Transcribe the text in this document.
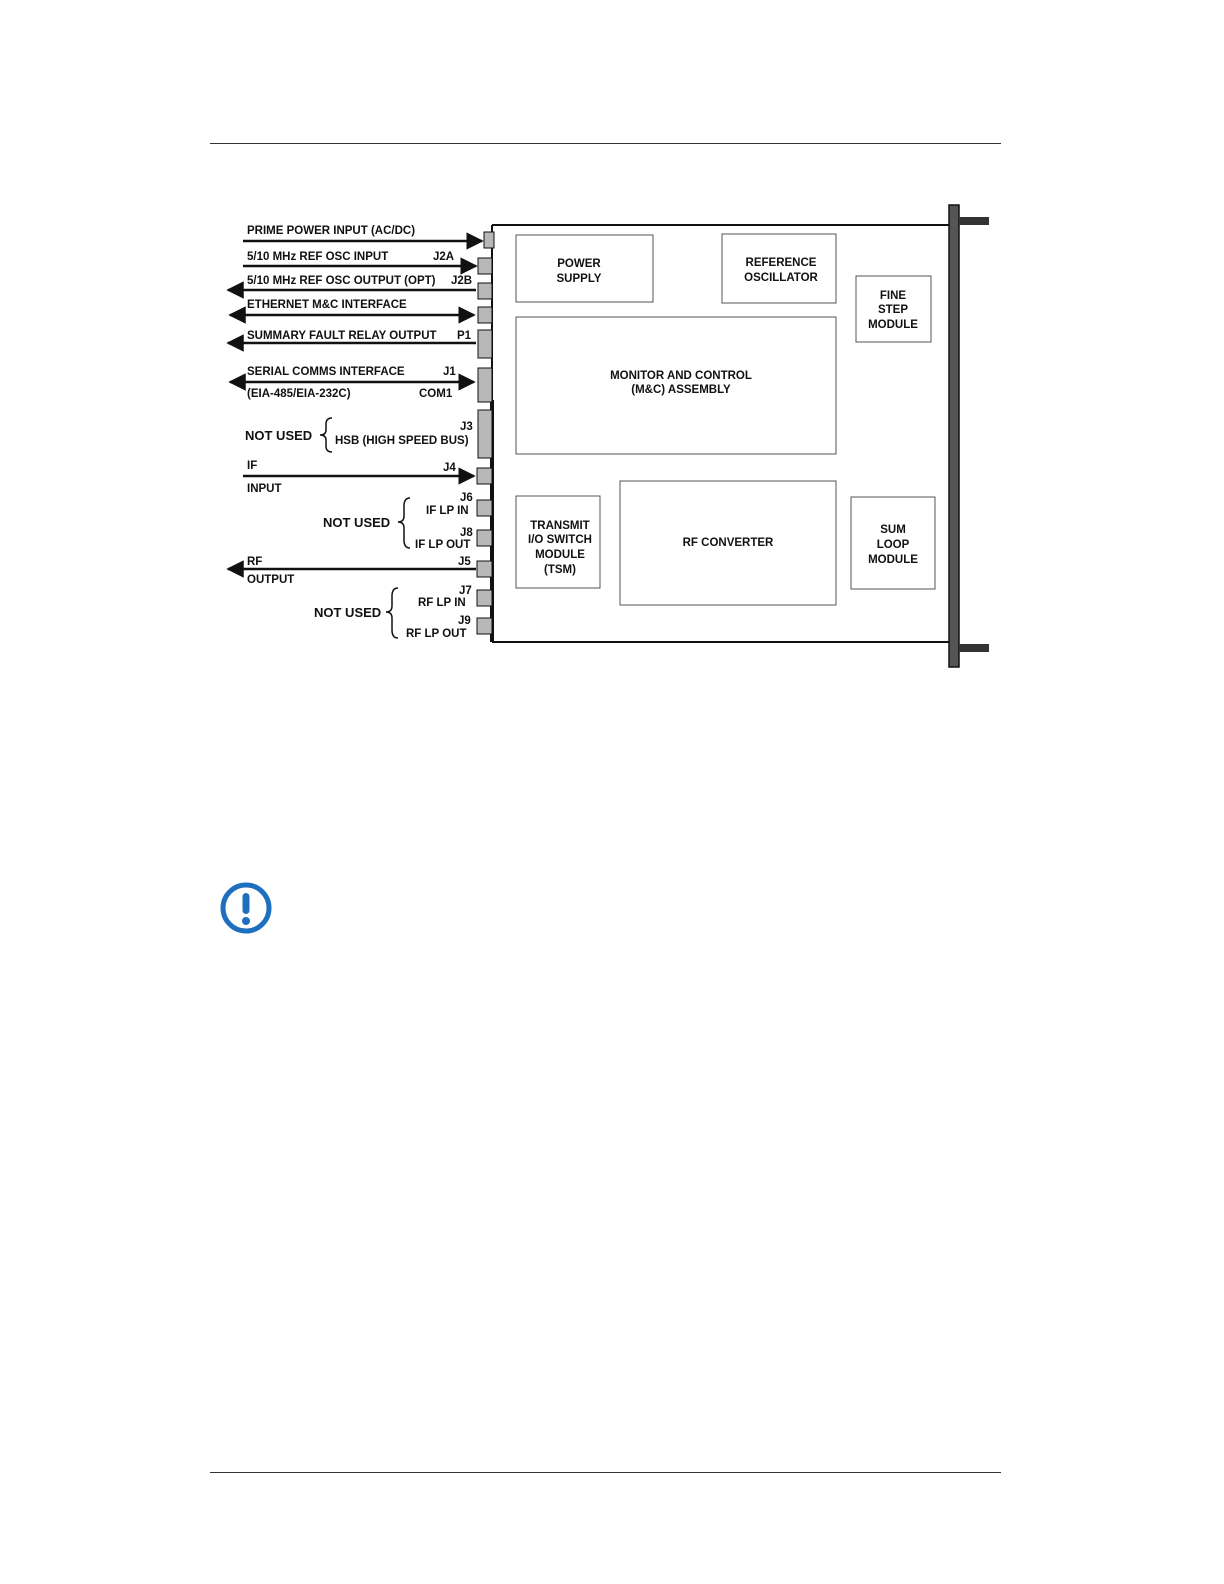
PRIME POWER INPUT (AC/DC)
5/10 MHz REF OSC INPUT	J2A
5/10 MHz REF OSC OUTPUT (OPT) J2B
ETHERNET M&C INTERFACE
SUMMARY FAULT RELAY OUTPUT P1
SERIAL COMMS INTERFACE	J1
(EIA-485/EIA-232C)	COM1
NOT USED
J3
HSB (HIGH SPEED BUS)
IF	J4
INPUT
J6
IF LP IN
NOT USED
J8
IF LP OUT
RF	J5
OUTPUT
J7
RF LP IN
NOT USED
J9
RF LP OUT
POWER
SUPPLY
REFERENCE
OSCILLATOR
FINE
STEP
MODULE
MONITOR AND CONTROL
(M&C) ASSEMBLY
TRANSMIT
I/O SWITCH
MODULE
(TSM)
RF CONVERTER
SUM
LOOP
MODULE
